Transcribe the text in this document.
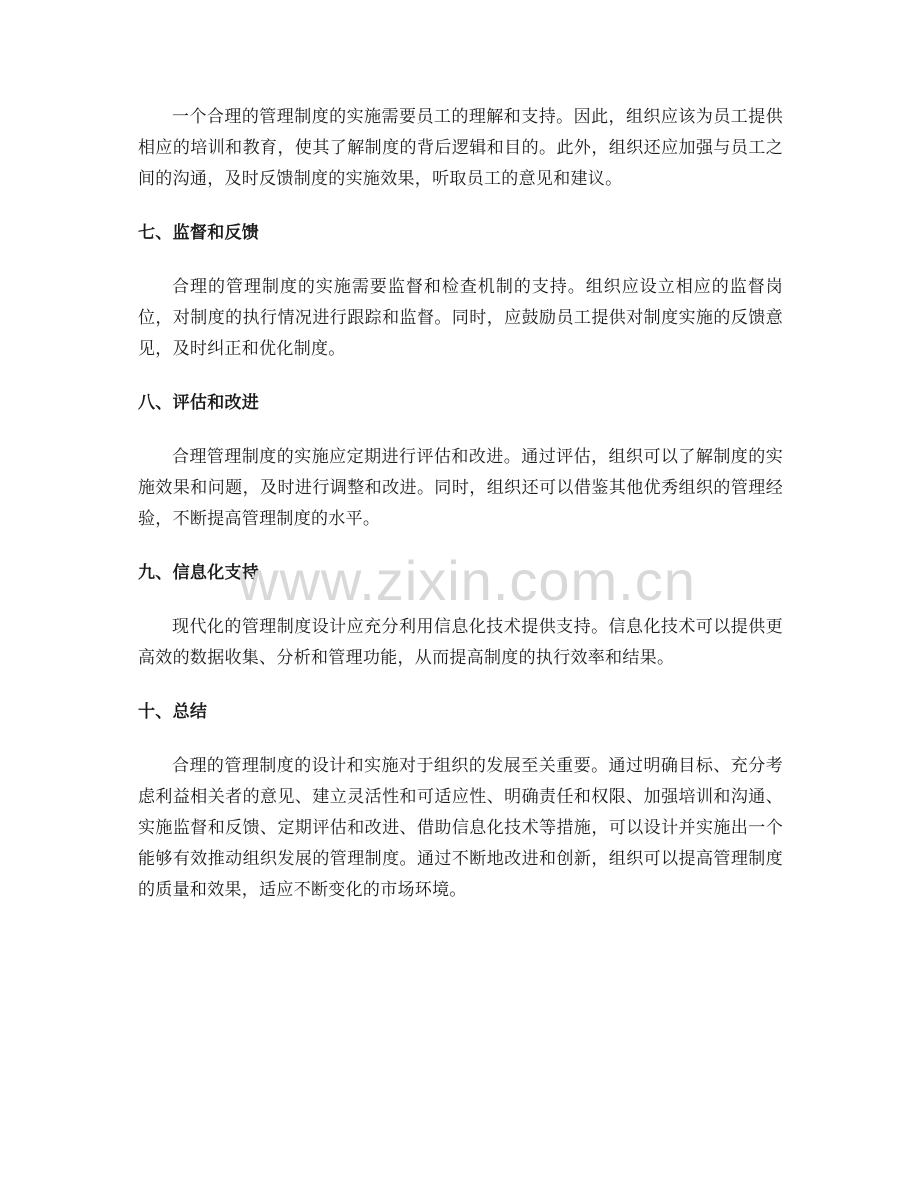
一个合理的管理制度的实施需要员工的理解和支持。因此，组织应该为员工提供相应的培训和教育，使其了解制度的背后逻辑和目的。此外，组织还应加强与员工之间的沟通，及时反馈制度的实施效果，听取员工的意见和建议。

七、监督和反馈

合理的管理制度的实施需要监督和检查机制的支持。组织应设立相应的监督岗位，对制度的执行情况进行跟踪和监督。同时，应鼓励员工提供对制度实施的反馈意见，及时纠正和优化制度。

八、评估和改进

合理管理制度的实施应定期进行评估和改进。通过评估，组织可以了解制度的实施效果和问题，及时进行调整和改进。同时，组织还可以借鉴其他优秀组织的管理经验，不断提高管理制度的水平。

九、信息化支持

现代化的管理制度设计应充分利用信息化技术提供支持。信息化技术可以提供更高效的数据收集、分析和管理功能，从而提高制度的执行效率和结果。

十、总结

合理的管理制度的设计和实施对于组织的发展至关重要。通过明确目标、充分考虑利益相关者的意见、建立灵活性和可适应性、明确责任和权限、加强培训和沟通、实施监督和反馈、定期评估和改进、借助信息化技术等措施，可以设计并实施出一个能够有效推动组织发展的管理制度。通过不断地改进和创新，组织可以提高管理制度的质量和效果，适应不断变化的市场环境。

www.zixin.com.cn
